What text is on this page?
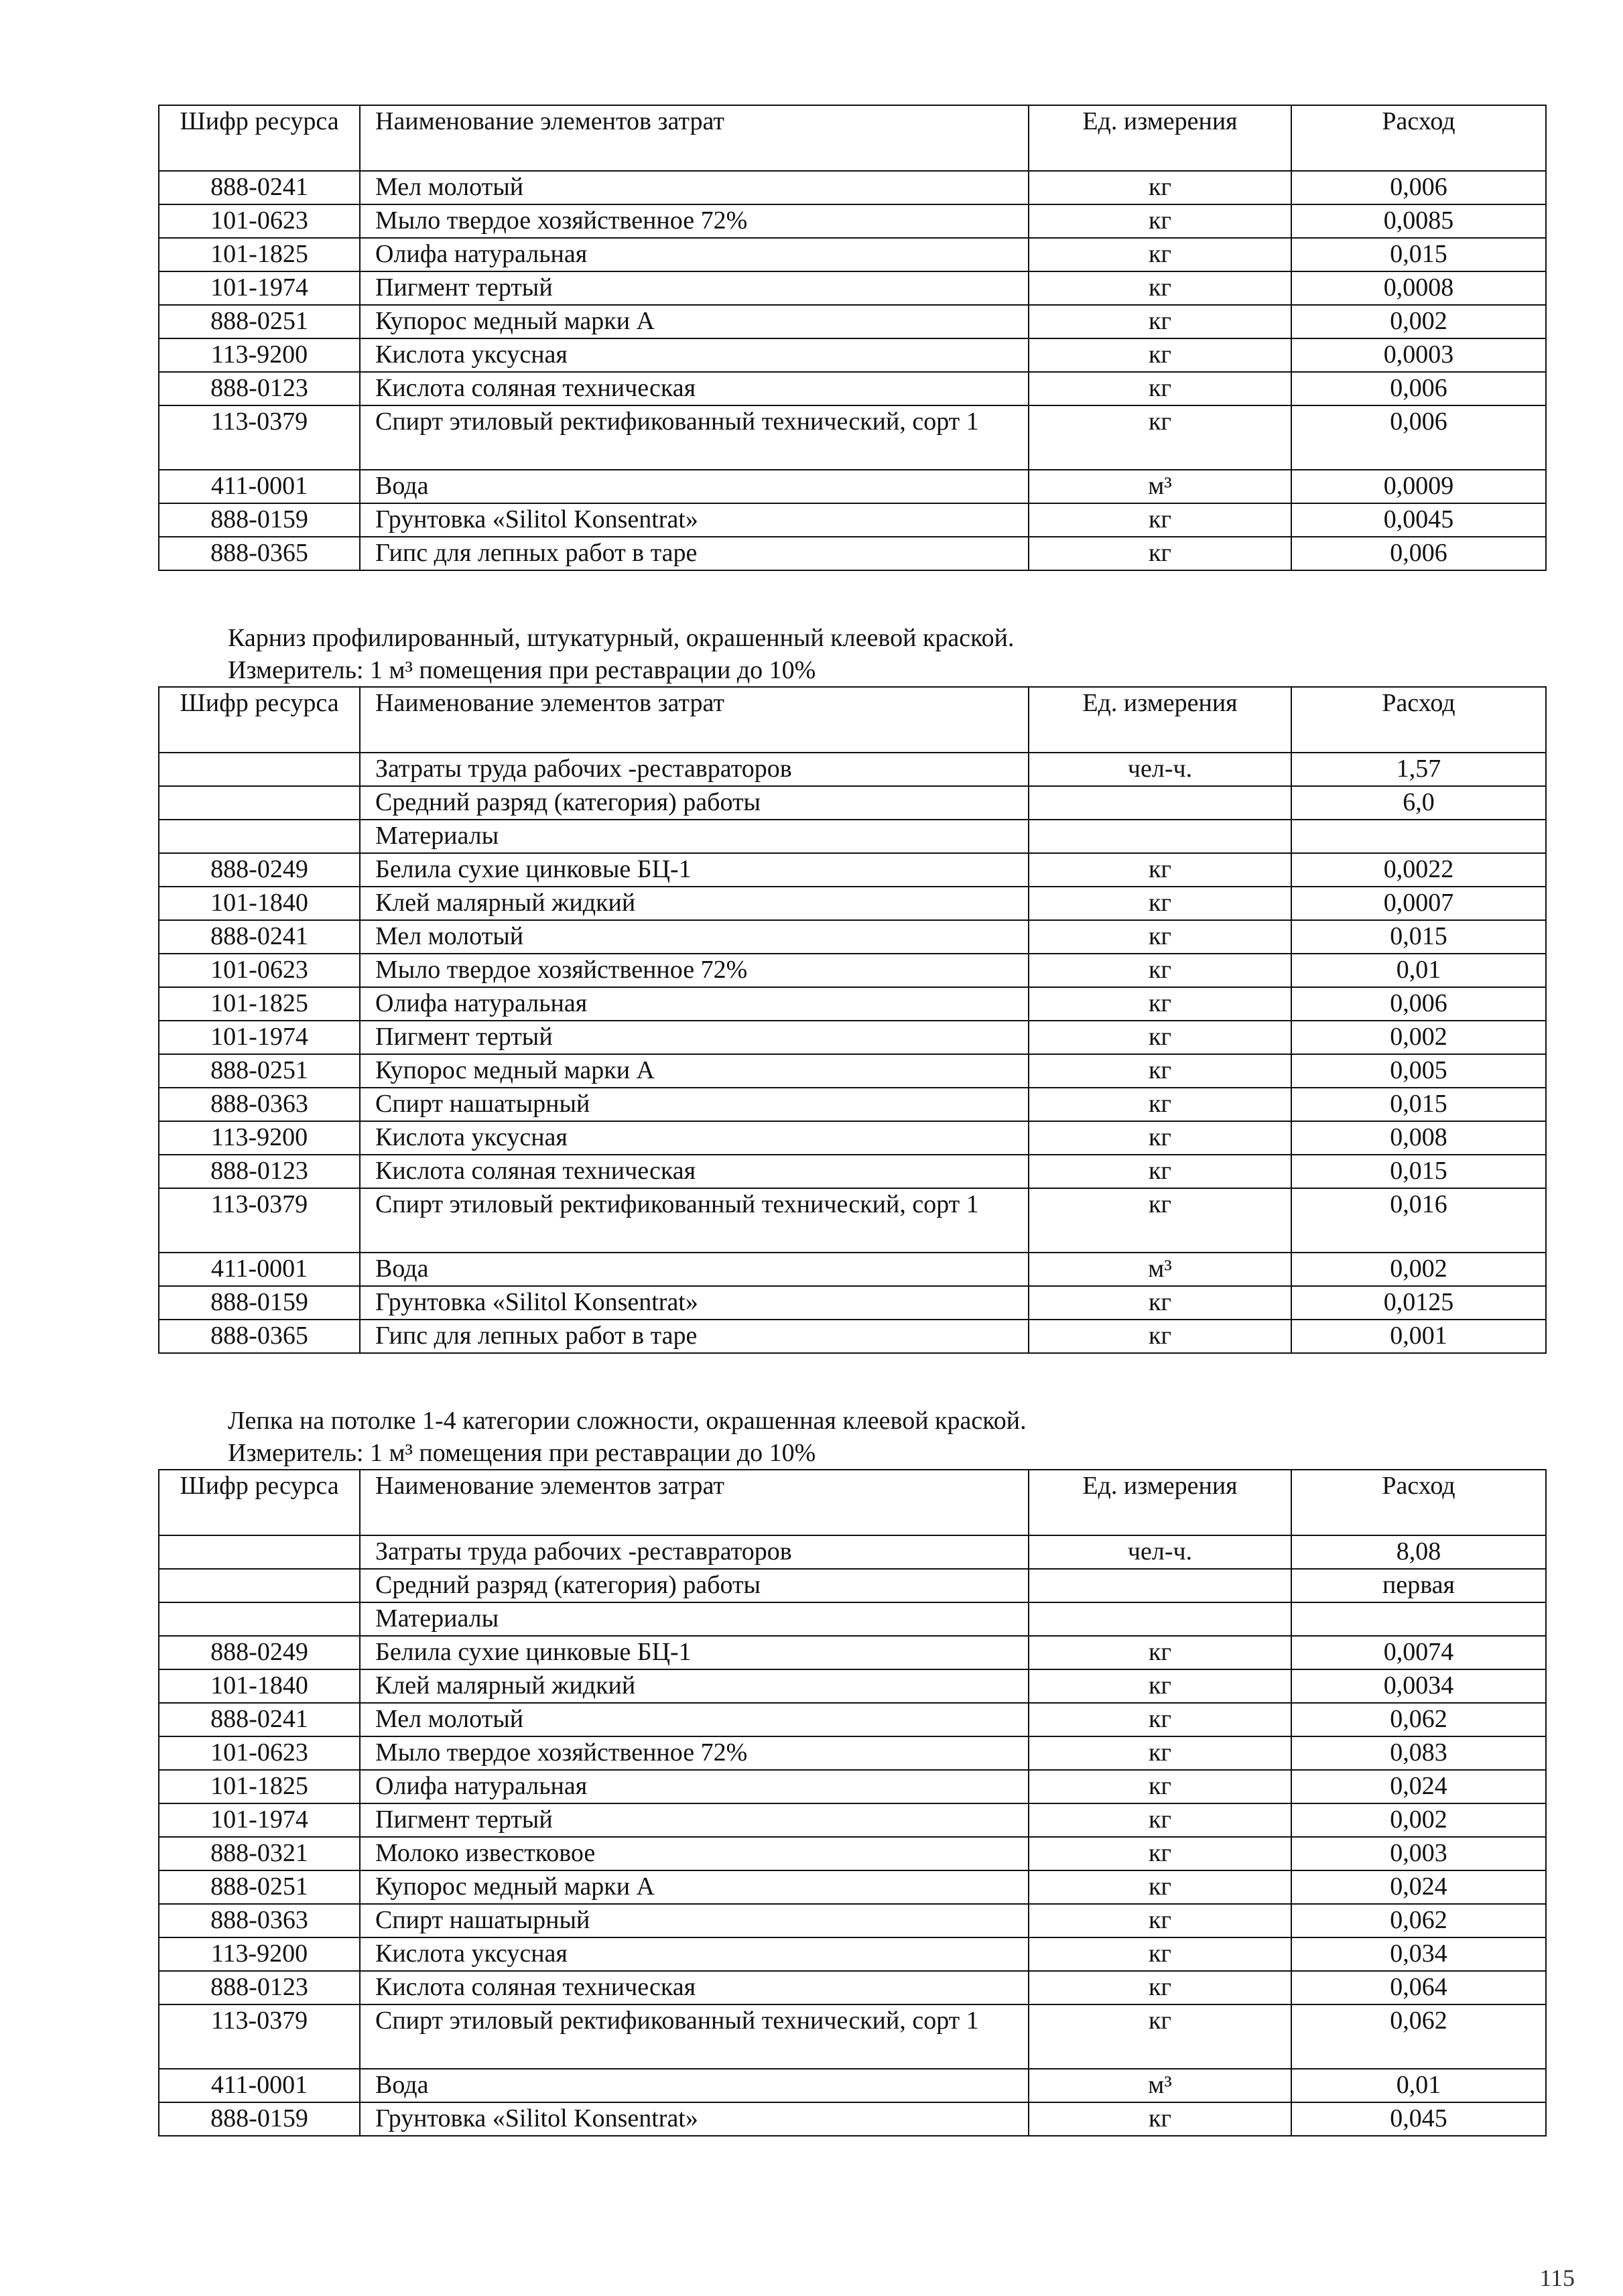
Шифр ресурса	Наименование элементов затрат	Ед. измерения	Расход
888-0241	Мел молотый	кг	0,006
101-0623	Мыло твердое хозяйственное 72%	кг	0,0085
101-1825	Олифа натуральная	кг	0,015
101-1974	Пигмент тертый	кг	0,0008
888-0251	Купорос медный марки А	кг	0,002
113-9200	Кислота уксусная	кг	0,0003
888-0123	Кислота соляная техническая	кг	0,006
113-0379	Спирт этиловый ректификованный технический, сорт 1	кг	0,006
411-0001	Вода	м³	0,0009
888-0159	Грунтовка «Silitol Konsentrat»	кг	0,0045
888-0365	Гипс для лепных работ в таре	кг	0,006

Карниз профилированный, штукатурный, окрашенный клеевой краской.

Измеритель: 1 м³ помещения при реставрации до 10%

Шифр ресурса	Наименование элементов затрат	Ед. измерения	Расход
	Затраты труда рабочих -реставраторов	чел-ч.	1,57
	Средний разряд (категория) работы		6,0
	Материалы		
888-0249	Белила сухие цинковые БЦ-1	кг	0,0022
101-1840	Клей малярный жидкий	кг	0,0007
888-0241	Мел молотый	кг	0,015
101-0623	Мыло твердое хозяйственное 72%	кг	0,01
101-1825	Олифа натуральная	кг	0,006
101-1974	Пигмент тертый	кг	0,002
888-0251	Купорос медный марки А	кг	0,005
888-0363	Спирт нашатырный	кг	0,015
113-9200	Кислота уксусная	кг	0,008
888-0123	Кислота соляная техническая	кг	0,015
113-0379	Спирт этиловый ректификованный технический, сорт 1	кг	0,016
411-0001	Вода	м³	0,002
888-0159	Грунтовка «Silitol Konsentrat»	кг	0,0125
888-0365	Гипс для лепных работ в таре	кг	0,001

Лепка на потолке 1-4 категории сложности, окрашенная клеевой краской.

Измеритель: 1 м³ помещения при реставрации до 10%

Шифр ресурса	Наименование элементов затрат	Ед. измерения	Расход
	Затраты труда рабочих -реставраторов	чел-ч.	8,08
	Средний разряд (категория) работы		первая
	Материалы		
888-0249	Белила сухие цинковые БЦ-1	кг	0,0074
101-1840	Клей малярный жидкий	кг	0,0034
888-0241	Мел молотый	кг	0,062
101-0623	Мыло твердое хозяйственное 72%	кг	0,083
101-1825	Олифа натуральная	кг	0,024
101-1974	Пигмент тертый	кг	0,002
888-0321	Молоко известковое	кг	0,003
888-0251	Купорос медный марки А	кг	0,024
888-0363	Спирт нашатырный	кг	0,062
113-9200	Кислота уксусная	кг	0,034
888-0123	Кислота соляная техническая	кг	0,064
113-0379	Спирт этиловый ректификованный технический, сорт 1	кг	0,062
411-0001	Вода	м³	0,01
888-0159	Грунтовка «Silitol Konsentrat»	кг	0,045
115
